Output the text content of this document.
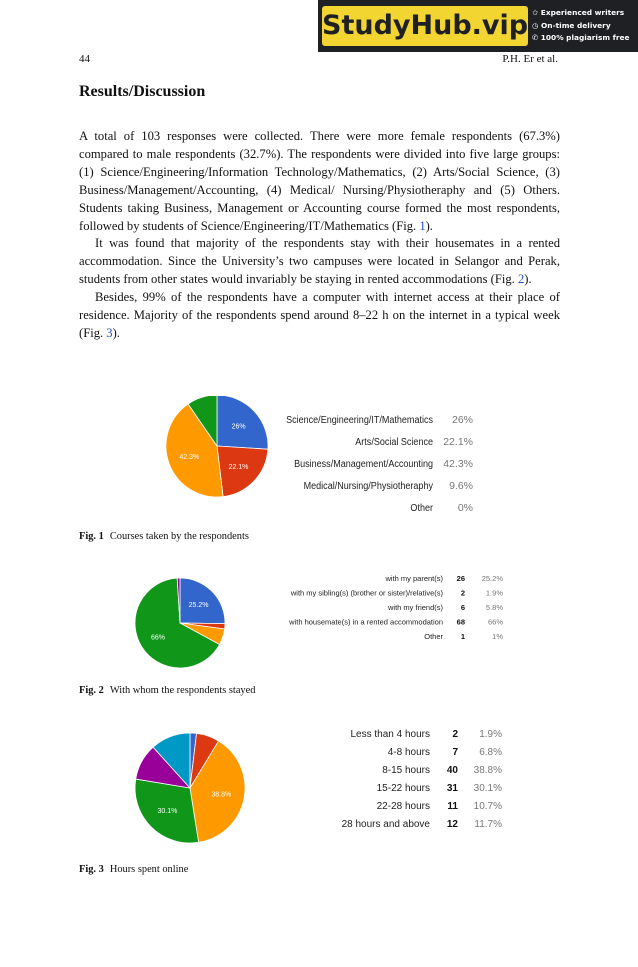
StudyHub.vip ✩ Experienced writers
◷ On-time delivery
✆ 100% plagiarism free
44	P.H. Er et al.
Results/Discussion

A total of 103 responses were collected. There were more female respondents (67.3%) compared to male respondents (32.7%). The respondents were divided into five large groups: (1) Science/Engineering/Information Technology/Mathematics, (2) Arts/Social Science, (3) Business/Management/Accounting, (4) Medical/ Nursing/Physiotheraphy and (5) Others. Students taking Business, Management or Accounting course formed the most respondents, followed by students of Science/Engineering/IT/Mathematics (Fig. 1).

It was found that majority of the respondents stay with their housemates in a rented accommodation. Since the University’s two campuses were located in Selangor and Perak, students from other states would invariably be staying in rented accommodations (Fig. 2).

Besides, 99% of the respondents have a computer with internet access at their place of residence. Majority of the respondents spend around 8–22 h on the internet in a typical week (Fig. 3).

26%
22.1%
42.3%
Science/Engineering/IT/Mathematics 26%
Arts/Social Science 22.1%
Business/Management/Accounting 42.3%
Medical/Nursing/Physiotheraphy 9.6%
Other 0%
Fig. 1 Courses taken by the respondents
25.2%
66%
with my parent(s) 26 25.2%
with my sibling(s) (brother or sister)/relative(s) 2	1.9%
with my friend(s) 6	5.8%
with housemate(s) in a rented accommodation 68	66%
Other 1	1%
Fig. 2 With whom the respondents stayed
38.8%
30.1%
Less than 4 hours 2 1.9%
4-8 hours 7 6.8%
8-15 hours 40 38.8%
15-22 hours 31 30.1%
22-28 hours 11 10.7%
28 hours and above 12 11.7%
Fig. 3 Hours spent online
